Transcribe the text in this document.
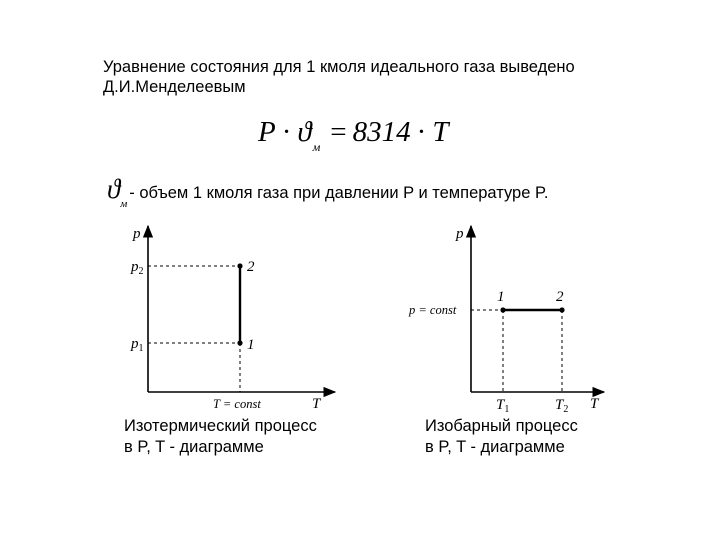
Уравнение состояния для 1 кмоля идеального газа выведено
Д.И.Менделеевым
P · ϑ м = 8314 · T
ϑ м
- объем 1 кмоля газа при давлении P и температуре P.
p
T
$p_2$
$p_1$
2
1
T = const
p
T
p = const
1	2
$T_1$	$T_2$
Изотермический процесс
в P, T - диаграмме
Изобарный процесс
в P, T - диаграмме
